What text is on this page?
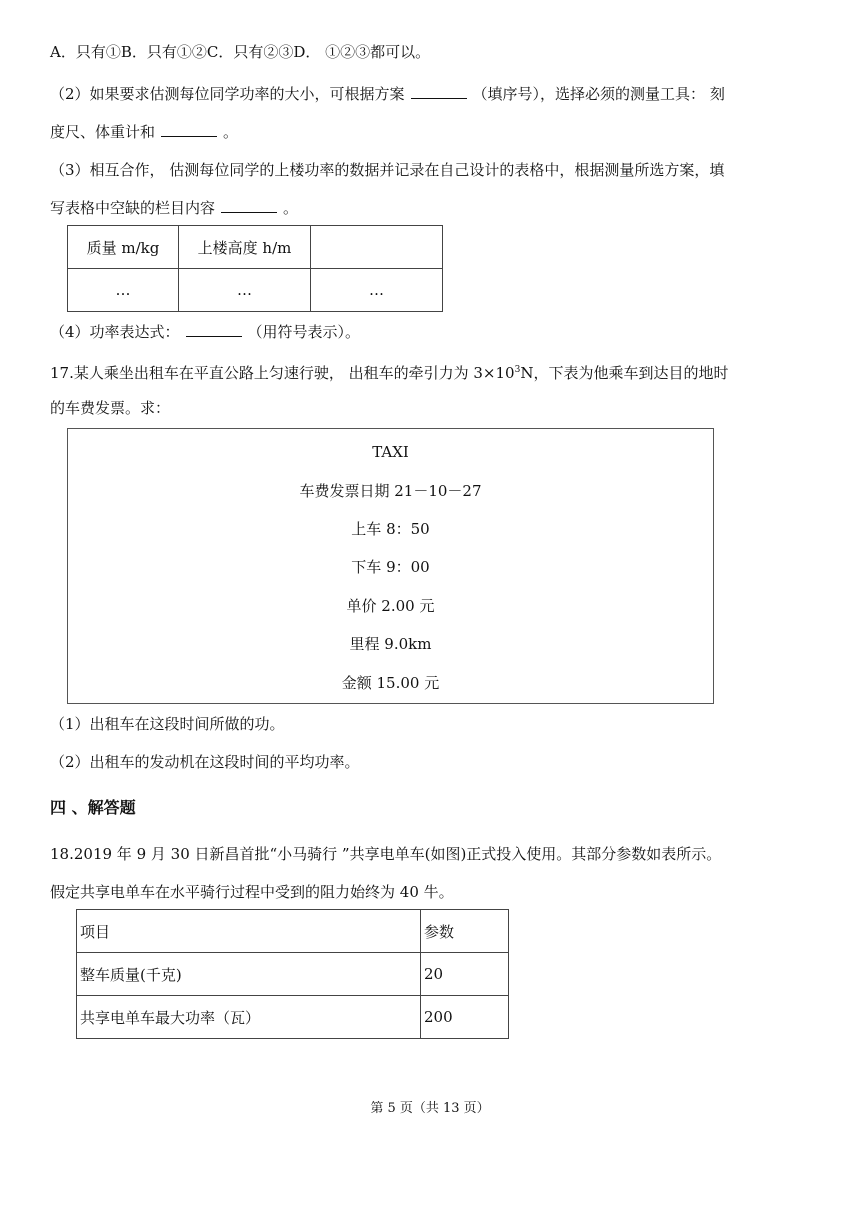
A．只有①B．只有①②C．只有②③D． ①②③都可以。
（2）如果要求估测每位同学功率的大小，可根据方案	（填序号），选择必须的测量工具： 刻
度尺、体重计和	。
（3）相互合作， 估测每位同学的上楼功率的数据并记录在自己设计的表格中，根据测量所选方案，填
写表格中空缺的栏目内容	。
质量 m/kg	上楼高度 h/m	
…	…	…
（4）功率表达式：	（用符号表示）。
17.某人乘坐出租车在平直公路上匀速行驶， 出租车的牵引力为 $3\times 10^3N$，下表为他乘车到达目的地时
的车费发票。求：
TAXI
车费发票日期 21－10－27
上车 8：50
下车 9：00
单价 2.00 元
里程 9.0km
金额 15.00 元
（1）出租车在这段时间所做的功。
（2）出租车的发动机在这段时间的平均功率。
四 、解答题
18.2019 年 9 月 30 日新昌首批“小马骑行 ”共享电单车(如图)正式投入使用。其部分参数如表所示。
假定共享电单车在水平骑行过程中受到的阻力始终为 40 牛。
项目	参数
整车质量(千克)	20
共享电单车最大功率（瓦）	200
第 5 页（共 13 页）
